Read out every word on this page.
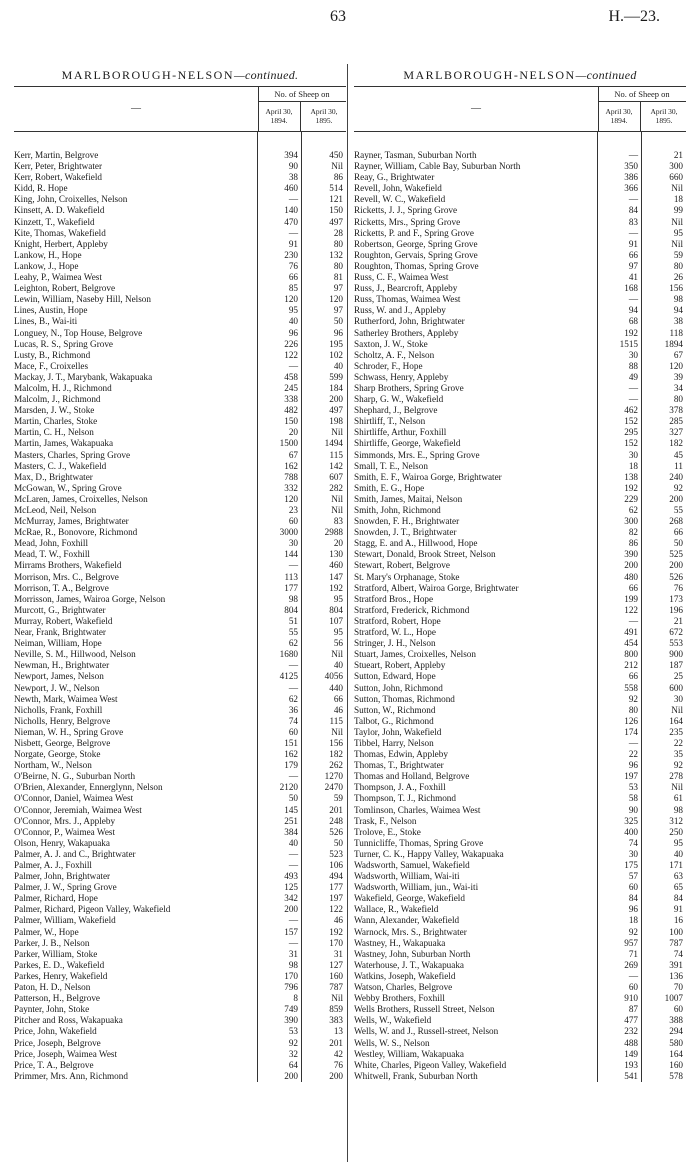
63	H.—23.
MARLBOROUGH-NELSON—continued.
—
No. of Sheep on
April 30,
1894.
April 30,
1895.
Kerr, Martin, Belgrove	394	450
Kerr, Peter, Brightwater	90	Nil
Kerr, Robert, Wakefield	38	86
Kidd, R. Hope	460	514
King, John, Croixelles, Nelson	—	121
Kinsett, A. D. Wakefield	140	150
Kinzett, T., Wakefield	470	497
Kite, Thomas, Wakefield	—	28
Knight, Herbert, Appleby	91	80
Lankow, H., Hope	230	132
Lankow, J., Hope	76	80
Leahy, P., Waimea West	66	81
Leighton, Robert, Belgrove	85	97
Lewin, William, Naseby Hill, Nelson	120	120
Lines, Austin, Hope	95	97
Lines, B., Wai-iti	40	50
Longuey, N., Top House, Belgrove	96	96
Lucas, R. S., Spring Grove	226	195
Lusty, B., Richmond	122	102
Mace, F., Croixelles	—	40
Mackay, J. T., Marybank, Wakapuaka	458	599
Malcolm, H. J., Richmond	245	184
Malcolm, J., Richmond	338	200
Marsden, J. W., Stoke	482	497
Martin, Charles, Stoke	150	198
Martin, C. H., Nelson	20	Nil
Martin, James, Wakapuaka	1500	1494
Masters, Charles, Spring Grove	67	115
Masters, C. J., Wakefield	162	142
Max, D., Brightwater	788	607
McGowan, W., Spring Grove	332	282
McLaren, James, Croixelles, Nelson	120	Nil
McLeod, Neil, Nelson	23	Nil
McMurray, James, Brightwater	60	83
McRae, R., Bonovore, Richmond	3000	2988
Mead, John, Foxhill	30	20
Mead, T. W., Foxhill	144	130
Mirrams Brothers, Wakefield	—	460
Morrison, Mrs. C., Belgrove	113	147
Morrison, T. A., Belgrove	177	192
Morrisson, James, Wairoa Gorge, Nelson	98	95
Murcott, G., Brightwater	804	804
Murray, Robert, Wakefield	51	107
Near, Frank, Brightwater	55	95
Neiman, William, Hope	62	56
Neville, S. M., Hillwood, Nelson	1680	Nil
Newman, H., Brightwater	—	40
Newport, James, Nelson	4125	4056
Newport, J. W., Nelson	—	440
Newth, Mark, Waimea West	62	66
Nicholls, Frank, Foxhill	36	46
Nicholls, Henry, Belgrove	74	115
Nieman, W. H., Spring Grove	60	Nil
Nisbett, George, Belgrove	151	156
Norgate, George, Stoke	162	182
Northam, W., Nelson	179	262
O'Beirne, N. G., Suburban North	—	1270
O'Brien, Alexander, Ennerglynn, Nelson	2120	2470
O'Connor, Daniel, Waimea West	50	59
O'Connor, Jeremiah, Waimea West	145	201
O'Connor, Mrs. J., Appleby	251	248
O'Connor, P., Waimea West	384	526
Olson, Henry, Wakapuaka	40	50
Palmer, A. J. and C., Brightwater	—	523
Palmer, A. J., Foxhill	—	106
Palmer, John, Brightwater	493	494
Palmer, J. W., Spring Grove	125	177
Palmer, Richard, Hope	342	197
Palmer, Richard, Pigeon Valley, Wakefield	200	122
Palmer, William, Wakefield	—	46
Palmer, W., Hope	157	192
Parker, J. B., Nelson	—	170
Parker, William, Stoke	31	31
Parkes, E. D., Wakefield	98	127
Parkes, Henry, Wakefield	170	160
Paton, H. D., Nelson	796	787
Patterson, H., Belgrove	8	Nil
Paynter, John, Stoke	749	859
Pitcher and Ross, Wakapuaka	390	383
Price, John, Wakefield	53	13
Price, Joseph, Belgrove	92	201
Price, Joseph, Waimea West	32	42
Price, T. A., Belgrove	64	76
Primmer, Mrs. Ann, Richmond	200	200
MARLBOROUGH-NELSON—continued
—
No. of Sheep on
April 30,
1894.
April 30,
1895.
Rayner, Tasman, Suburban North	—	21
Rayner, William, Cable Bay, Suburban North	350	300
Reay, G., Brightwater	386	660
Revell, John, Wakefield	366	Nil
Revell, W. C., Wakefield	—	18
Ricketts, J. J., Spring Grove	84	99
Ricketts, Mrs., Spring Grove	83	Nil
Ricketts, P. and F., Spring Grove	—	95
Robertson, George, Spring Grove	91	Nil
Roughton, Gervais, Spring Grove	66	59
Roughton, Thomas, Spring Grove	97	80
Russ, C. F., Waimea West	41	26
Russ, J., Bearcroft, Appleby	168	156
Russ, Thomas, Waimea West	—	98
Russ, W. and J., Appleby	94	94
Rutherford, John, Brightwater	68	38
Satherley Brothers, Appleby	192	118
Saxton, J. W., Stoke	1515	1894
Scholtz, A. F., Nelson	30	67
Schroder, F., Hope	88	120
Schwass, Henry, Appleby	49	39
Sharp Brothers, Spring Grove	—	34
Sharp, G. W., Wakefield	—	80
Shephard, J., Belgrove	462	378
Shirtliff, T., Nelson	152	285
Shirtliffe, Arthur, Foxhill	295	327
Shirtliffe, George, Wakefield	152	182
Simmonds, Mrs. E., Spring Grove	30	45
Small, T. E., Nelson	18	11
Smith, E. F., Wairoa Gorge, Brightwater	138	240
Smith, E. G., Hope	192	92
Smith, James, Maitai, Nelson	229	200
Smith, John, Richmond	62	55
Snowden, F. H., Brightwater	300	268
Snowden, J. T., Brightwater	82	66
Stagg, E. and A., Hillwood, Hope	86	50
Stewart, Donald, Brook Street, Nelson	390	525
Stewart, Robert, Belgrove	200	200
St. Mary's Orphanage, Stoke	480	526
Stratford, Albert, Wairoa Gorge, Brightwater	66	76
Stratford Bros., Hope	199	173
Stratford, Frederick, Richmond	122	196
Stratford, Robert, Hope	—	21
Stratford, W. L., Hope	491	672
Stringer, J. H., Nelson	454	553
Stuart, James, Croixelles, Nelson	800	900
Stueart, Robert, Appleby	212	187
Sutton, Edward, Hope	66	25
Sutton, John, Richmond	558	600
Sutton, Thomas, Richmond	92	30
Sutton, W., Richmond	80	Nil
Talbot, G., Richmond	126	164
Taylor, John, Wakefield	174	235
Tibbel, Harry, Nelson	—	22
Thomas, Edwin, Appleby	22	35
Thomas, T., Brightwater	96	92
Thomas and Holland, Belgrove	197	278
Thompson, J. A., Foxhill	53	Nil
Thompson, T. J., Richmond	58	61
Tomlinson, Charles, Waimea West	90	98
Trask, F., Nelson	325	312
Trolove, E., Stoke	400	250
Tunnicliffe, Thomas, Spring Grove	74	95
Turner, C. K., Happy Valley, Wakapuaka	30	40
Wadsworth, Samuel, Wakefield	175	171
Wadsworth, William, Wai-iti	57	63
Wadsworth, William, jun., Wai-iti	60	65
Wakefield, George, Wakefield	84	84
Wallace, R., Wakefield	96	91
Wann, Alexander, Wakefield	18	16
Warnock, Mrs. S., Brightwater	92	100
Wastney, H., Wakapuaka	957	787
Wastney, John, Suburban North	71	74
Waterhouse, J. T., Wakapuaka	269	391
Watkins, Joseph, Wakefield	—	136
Watson, Charles, Belgrove	60	70
Webby Brothers, Foxhill	910	1007
Wells Brothers, Russell Street, Nelson	87	60
Wells, W., Wakefield	477	388
Wells, W. and J., Russell-street, Nelson	232	294
Wells, W. S., Nelson	488	580
Westley, William, Wakapuaka	149	164
White, Charles, Pigeon Valley, Wakefield	193	160
Whitwell, Frank, Suburban North	541	578
